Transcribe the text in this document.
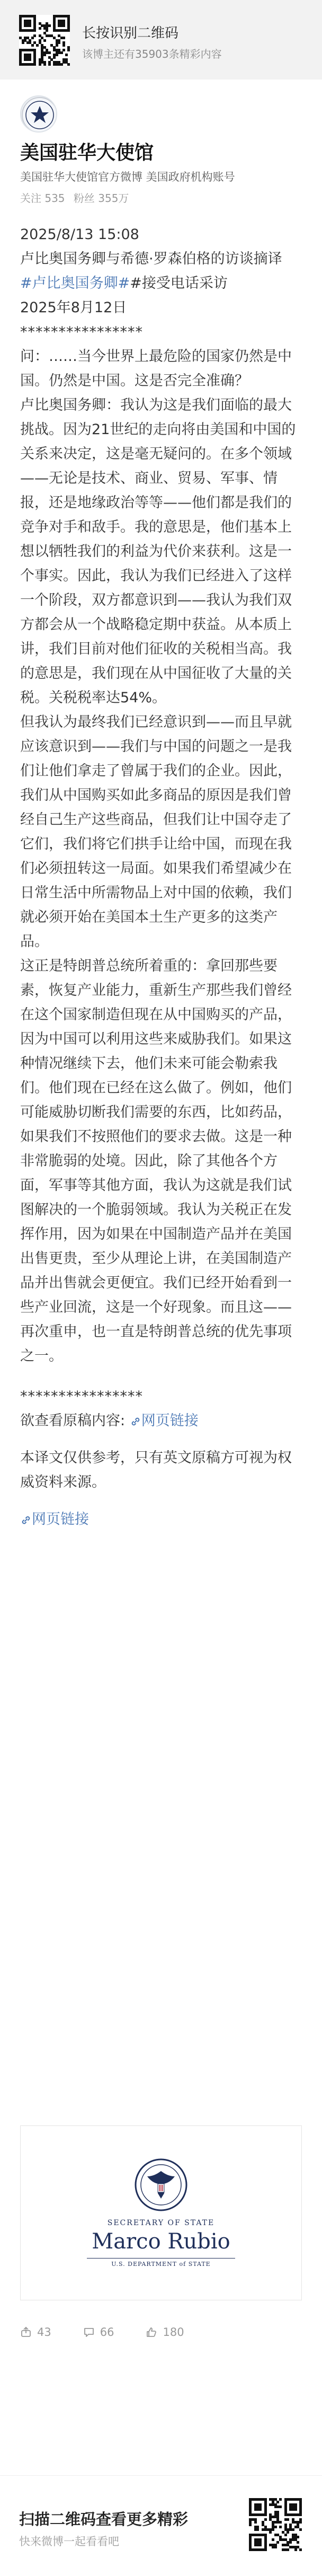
长按识别二维码
该博主还有35903条精彩内容
美国驻华大使馆
美国驻华大使馆官方微博 美国政府机构账号
关注 535 粉丝 355万

2025/8/13 15:08

卢比奥国务卿与希德·罗森伯格的访谈摘译

#卢比奥国务卿##接受电话采访

2025年8月12日

****************

问：……当今世界上最危险的国家仍然是中国。仍然是中国。这是否完全准确？

卢比奥国务卿：我认为这是我们面临的最大挑战。因为21世纪的走向将由美国和中国的关系来决定，这是毫无疑问的。在多个领域——无论是技术、商业、贸易、军事、情报，还是地缘政治等等——他们都是我们的竞争对手和敌手。我的意思是，他们基本上想以牺牲我们的利益为代价来获利。这是一个事实。因此，我认为我们已经进入了这样一个阶段，双方都意识到——我认为我们双方都会从一个战略稳定期中获益。从本质上讲，我们目前对他们征收的关税相当高。我的意思是，我们现在从中国征收了大量的关税。关税税率达54%。

但我认为最终我们已经意识到——而且早就应该意识到——我们与中国的问题之一是我们让他们拿走了曾属于我们的企业。因此，我们从中国购买如此多商品的原因是我们曾经自己生产这些商品，但我们让中国夺走了它们，我们将它们拱手让给中国，而现在我们必须扭转这一局面。如果我们希望减少在日常生活中所需物品上对中国的依赖，我们就必须开始在美国本土生产更多的这类产品。

这正是特朗普总统所着重的：拿回那些要素，恢复产业能力，重新生产那些我们曾经在这个国家制造但现在从中国购买的产品，因为中国可以利用这些来威胁我们。如果这种情况继续下去，他们未来可能会勒索我们。他们现在已经在这么做了。例如，他们可能威胁切断我们需要的东西，比如药品，如果我们不按照他们的要求去做。这是一种非常脆弱的处境。因此，除了其他各个方面，军事等其他方面，我认为这就是我们试图解决的一个脆弱领域。我认为关税正在发挥作用，因为如果在中国制造产品并在美国出售更贵，至少从理论上讲，在美国制造产品并出售就会更便宜。我们已经开始看到一些产业回流，这是一个好现象。而且这——再次重申，也一直是特朗普总统的优先事项之一。

****************

欲查看原稿内容: 网页链接

本译文仅供参考，只有英文原稿方可视为权威资料来源。

网页链接

SECRETARY OF STATE
Marco Rubio
U.S. DEPARTMENT of STATE
43	66	180
扫描二维码查看更多精彩
快来微博一起看看吧
